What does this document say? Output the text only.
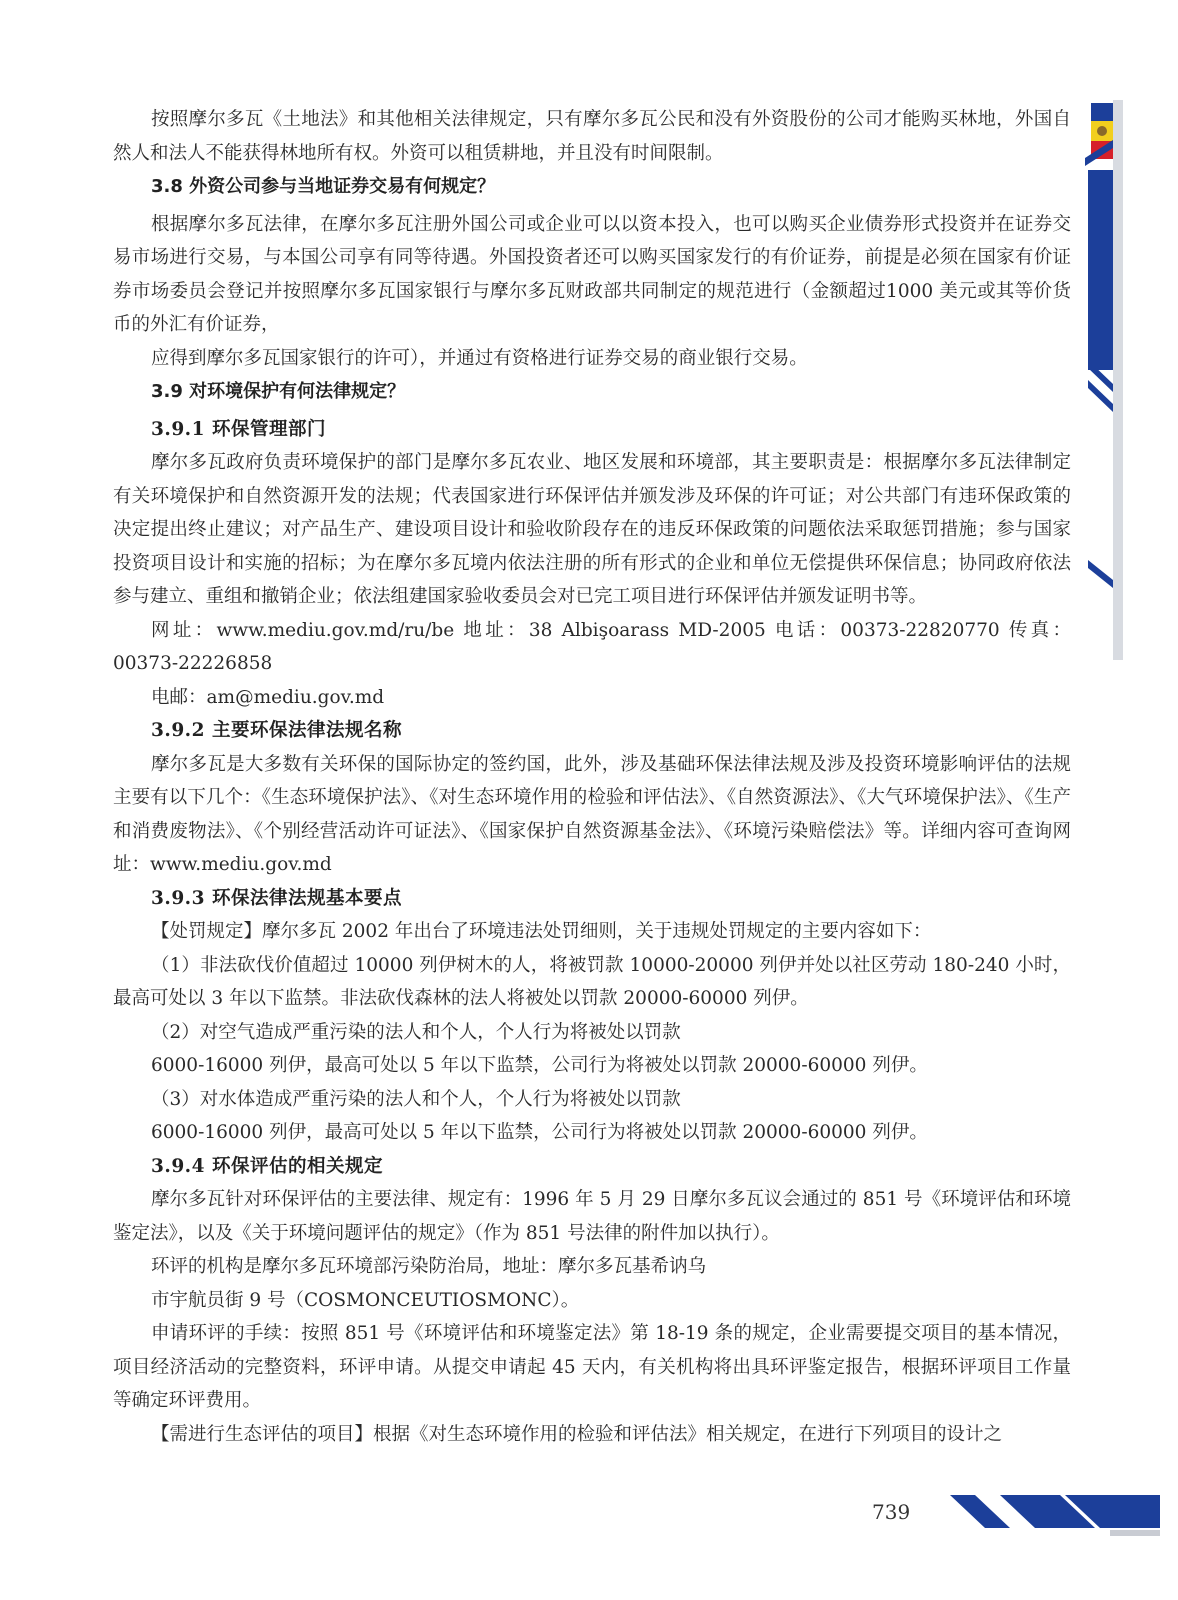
按照摩尔多瓦《土地法》和其他相关法律规定，只有摩尔多瓦公民和没有外资股份的公司才能购买林地，外国自然人和法人不能获得林地所有权。外资可以租赁耕地，并且没有时间限制。

3.8 外资公司参与当地证券交易有何规定？

根据摩尔多瓦法律，在摩尔多瓦注册外国公司或企业可以以资本投入，也可以购买企业债券形式投资并在证券交易市场进行交易，与本国公司享有同等待遇。外国投资者还可以购买国家发行的有价证券，前提是必须在国家有价证券市场委员会登记并按照摩尔多瓦国家银行与摩尔多瓦财政部共同制定的规范进行（金额超过1000 美元或其等价货币的外汇有价证券，

应得到摩尔多瓦国家银行的许可），并通过有资格进行证券交易的商业银行交易。

3.9 对环境保护有何法律规定？
3.9.1 环保管理部门

摩尔多瓦政府负责环境保护的部门是摩尔多瓦农业、地区发展和环境部，其主要职责是：根据摩尔多瓦法律制定有关环境保护和自然资源开发的法规；代表国家进行环保评估并颁发涉及环保的许可证；对公共部门有违环保政策的决定提出终止建议；对产品生产、建设项目设计和验收阶段存在的违反环保政策的问题依法采取惩罚措施；参与国家投资项目设计和实施的招标；为在摩尔多瓦境内依法注册的所有形式的企业和单位无偿提供环保信息；协同政府依法参与建立、重组和撤销企业；依法组建国家验收委员会对已完工项目进行环保评估并颁发证明书等。

网址：www.mediu.gov.md/ru/be 地址：38 Albişoarass MD-2005 电话：00373-22820770 传真：00373-22226858

电邮：am@mediu.gov.md

3.9.2 主要环保法律法规名称

摩尔多瓦是大多数有关环保的国际协定的签约国，此外，涉及基础环保法律法规及涉及投资环境影响评估的法规主要有以下几个：《生态环境保护法》、《对生态环境作用的检验和评估法》、《自然资源法》、《大气环境保护法》、《生产和消费废物法》、《个别经营活动许可证法》、《国家保护自然资源基金法》、《环境污染赔偿法》等。详细内容可查询网址：www.mediu.gov.md

3.9.3 环保法律法规基本要点

【处罚规定】摩尔多瓦 2002 年出台了环境违法处罚细则，关于违规处罚规定的主要内容如下：

（1）非法砍伐价值超过 10000 列伊树木的人，将被罚款 10000-20000 列伊并处以社区劳动 180-240 小时，最高可处以 3 年以下监禁。非法砍伐森林的法人将被处以罚款 20000-60000 列伊。

（2）对空气造成严重污染的法人和个人，个人行为将被处以罚款

6000-16000 列伊，最高可处以 5 年以下监禁，公司行为将被处以罚款 20000-60000 列伊。

（3）对水体造成严重污染的法人和个人，个人行为将被处以罚款

6000-16000 列伊，最高可处以 5 年以下监禁，公司行为将被处以罚款 20000-60000 列伊。

3.9.4 环保评估的相关规定

摩尔多瓦针对环保评估的主要法律、规定有：1996 年 5 月 29 日摩尔多瓦议会通过的 851 号《环境评估和环境鉴定法》，以及《关于环境问题评估的规定》（作为 851 号法律的附件加以执行）。

环评的机构是摩尔多瓦环境部污染防治局，地址：摩尔多瓦基希讷乌

市宇航员街 9 号（COSMONCEUTIOSMONC）。

申请环评的手续：按照 851 号《环境评估和环境鉴定法》第 18-19 条的规定，企业需要提交项目的基本情况，项目经济活动的完整资料，环评申请。从提交申请起 45 天内，有关机构将出具环评鉴定报告，根据环评项目工作量等确定环评费用。

【需进行生态评估的项目】根据《对生态环境作用的检验和评估法》相关规定，在进行下列项目的设计之

739
